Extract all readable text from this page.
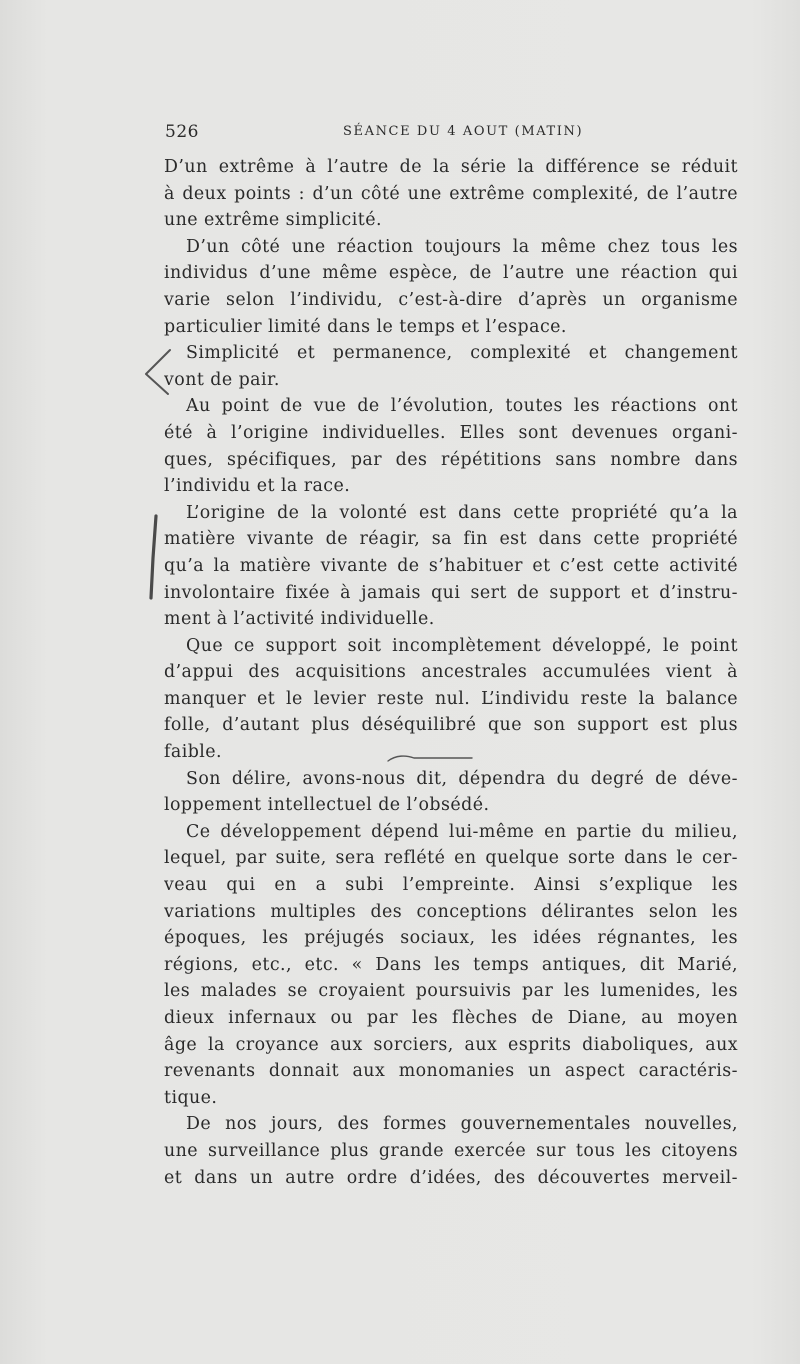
526	SÉANCE DU 4 AOUT (MATIN)
D’un extrême à l’autre de la série la différence se réduit
à deux points : d’un côté une extrême complexité, de l’autre
une extrême simplicité.
D’un côté une réaction toujours la même chez tous les
individus d’une même espèce, de l’autre une réaction qui
varie selon l’individu, c’est-à-dire d’après un organisme
particulier limité dans le temps et l’espace.
Simplicité et permanence, complexité et changement
vont de pair.
Au point de vue de l’évolution, toutes les réactions ont
été à l’origine individuelles. Elles sont devenues organi-
ques, spécifiques, par des répétitions sans nombre dans
l’individu et la race.
L’origine de la volonté est dans cette propriété qu’a la
matière vivante de réagir, sa fin est dans cette propriété
qu’a la matière vivante de s’habituer et c’est cette activité
involontaire fixée à jamais qui sert de support et d’instru-
ment à l’activité individuelle.
Que ce support soit incomplètement développé, le point
d’appui des acquisitions ancestrales accumulées vient à
manquer et le levier reste nul. L’individu reste la balance
folle, d’autant plus déséquilibré que son support est plus
faible.
Son délire, avons-nous dit, dépendra du degré de déve-
loppement intellectuel de l’obsédé.
Ce développement dépend lui-même en partie du milieu,
lequel, par suite, sera reflété en quelque sorte dans le cer-
veau qui en a subi l’empreinte. Ainsi s’explique les
variations multiples des conceptions délirantes selon les
époques, les préjugés sociaux, les idées régnantes, les
régions, etc., etc. « Dans les temps antiques, dit Marié,
les malades se croyaient poursuivis par les lumenides, les
dieux infernaux ou par les flèches de Diane, au moyen
âge la croyance aux sorciers, aux esprits diaboliques, aux
revenants donnait aux monomanies un aspect caractéris-
tique.
De nos jours, des formes gouvernementales nouvelles,
une surveillance plus grande exercée sur tous les citoyens
et dans un autre ordre d’idées, des découvertes merveil-
